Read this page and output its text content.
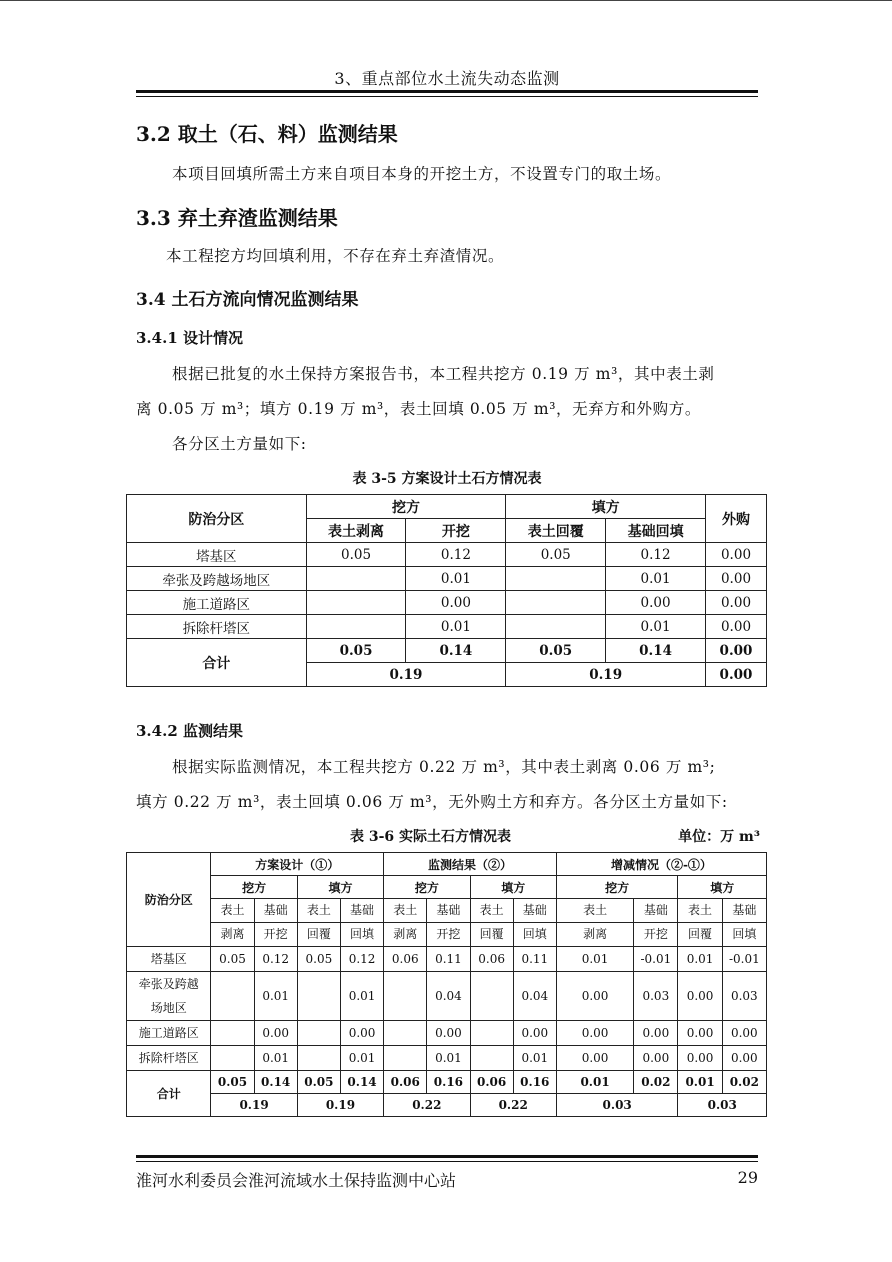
3、重点部位水土流失动态监测
3.2 取土（石、料）监测结果
本项目回填所需土方来自项目本身的开挖土方，不设置专门的取土场。
3.3 弃土弃渣监测结果
本工程挖方均回填利用，不存在弃土弃渣情况。
3.4 土石方流向情况监测结果
3.4.1 设计情况
根据已批复的水土保持方案报告书，本工程共挖方 0.19 万 m³，其中表土剥
离 0.05 万 m³；填方 0.19 万 m³，表土回填 0.05 万 m³，无弃方和外购方。
各分区土方量如下:
表 3-5 方案设计土石方情况表
防治分区	挖方		填方		外购
	表土剥离	开挖	表土回覆	基础回填	
塔基区	0.05	0.12	0.05	0.12	0.00
牵张及跨越场地区		0.01		0.01	0.00
施工道路区		0.00		0.00	0.00
拆除杆塔区		0.01		0.01	0.00
合计	0.05	0.14	0.05	0.14	0.00
	0.19		0.19		0.00
3.4.2 监测结果
根据实际监测情况，本工程共挖方 0.22 万 m³，其中表土剥离 0.06 万 m³;
填方 0.22 万 m³，表土回填 0.06 万 m³，无外购土方和弃方。各分区土方量如下:
表 3-6 实际土石方情况表	单位：万 m³
防治分区	方案设计（①）				监测结果（②）				增减情况（②-①）			
	挖方		填方		挖方		填方		挖方		填方	
	表土	基础	表土	基础	表土	基础	表土	基础	表土	基础	表土	基础
	剥离	开挖	回覆	回填	剥离	开挖	回覆	回填	剥离	开挖	回覆	回填

塔基区	0.05	0.12	0.05	0.12	0.06	0.11	0.06	0.11	0.01	-0.01	0.01	-0.01

牵张及跨越
场地区		0.01		0.01		0.04		0.04	0.00	0.03	0.00	0.03

施工道路区		0.00		0.00		0.00		0.00	0.00	0.00	0.00	0.00

拆除杆塔区		0.01		0.01		0.01		0.01	0.00	0.00	0.00	0.00
合计	0.05	0.14	0.05	0.14	0.06	0.16	0.06	0.16	0.01	0.02	0.01	0.02
	0.19		0.19		0.22		0.22		0.03		0.03	
淮河水利委员会淮河流域水土保持监测中心站	29
